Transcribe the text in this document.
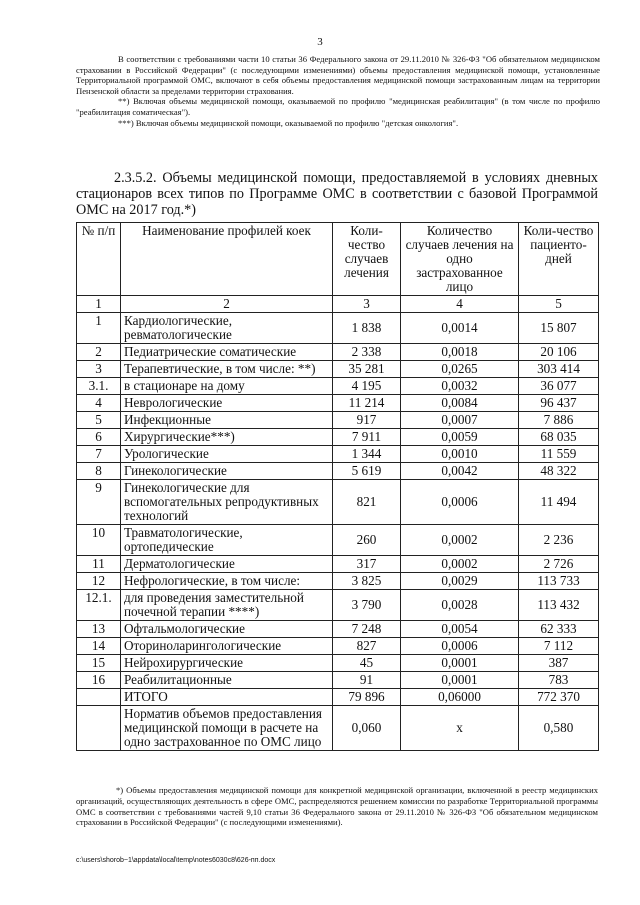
3

В соответствии с требованиями части 10 статьи 36 Федерального закона от 29.11.2010 № 326-ФЗ "Об обязательном медицинском страховании в Российской Федерации" (с последующими изменениями) объемы предоставления медицинской помощи, установленные Территориальной программой ОМС, включают в себя объемы предоставления медицинской помощи застрахованным лицам на территории Пензенской области за пределами территории страхования.

**) Включая объемы медицинской помощи, оказываемой по профилю "медицинская реабилитация" (в том числе по профилю "реабилитация соматическая").

***) Включая объемы медицинской помощи, оказываемой по профилю "детская онкология".

2.3.5.2. Объемы медицинской помощи, предоставляемой в условиях дневных стационаров всех типов по Программе ОМС в соответствии с базовой Программой ОМС на 2017 год.*)

№ п/п	Наименование профилей коек	Коли-чество случаев лечения	Количество случаев лечения на одно застрахованное лицо	Коли-чество пациенто-дней
1	2	3	4	5
1	Кардиологические, ревматологические	1 838	0,0014	15 807
2	Педиатрические соматические	2 338	0,0018	20 106
3	Терапевтические, в том числе: **)	35 281	0,0265	303 414
3.1.	в стационаре на дому	4 195	0,0032	36 077
4	Неврологические	11 214	0,0084	96 437
5	Инфекционные	917	0,0007	7 886
6	Хирургические***)	7 911	0,0059	68 035
7	Урологические	1 344	0,0010	11 559
8	Гинекологические	5 619	0,0042	48 322
9	Гинекологические для вспомогательных репродуктивных технологий	821	0,0006	11 494
10	Травматологические, ортопедические	260	0,0002	2 236
11	Дерматологические	317	0,0002	2 726
12	Нефрологические, в том числе:	3 825	0,0029	113 733
12.1.	для проведения заместительной почечной терапии ****)	3 790	0,0028	113 432
13	Офтальмологические	7 248	0,0054	62 333
14	Оториноларингологические	827	0,0006	7 112
15	Нейрохирургические	45	0,0001	387
16	Реабилитационные	91	0,0001	783
	ИТОГО	79 896	0,06000	772 370
	Норматив объемов предоставления медицинской помощи в расчете на одно застрахованное по ОМС лицо	0,060	х	0,580

*) Объемы предоставления медицинской помощи для конкретной медицинской организации, включенной в реестр медицинских организаций, осуществляющих деятельность в сфере ОМС, распределяются решением комиссии по разработке Территориальной программы ОМС в соответствии с требованиями частей 9,10 статьи 36 Федерального закона от 29.11.2010 № 326-ФЗ "Об обязательном медицинском страховании в Российской Федерации" (с последующими изменениями).

c:\users\shorob~1\appdata\local\temp\notes6030c8\626-пп.docx
